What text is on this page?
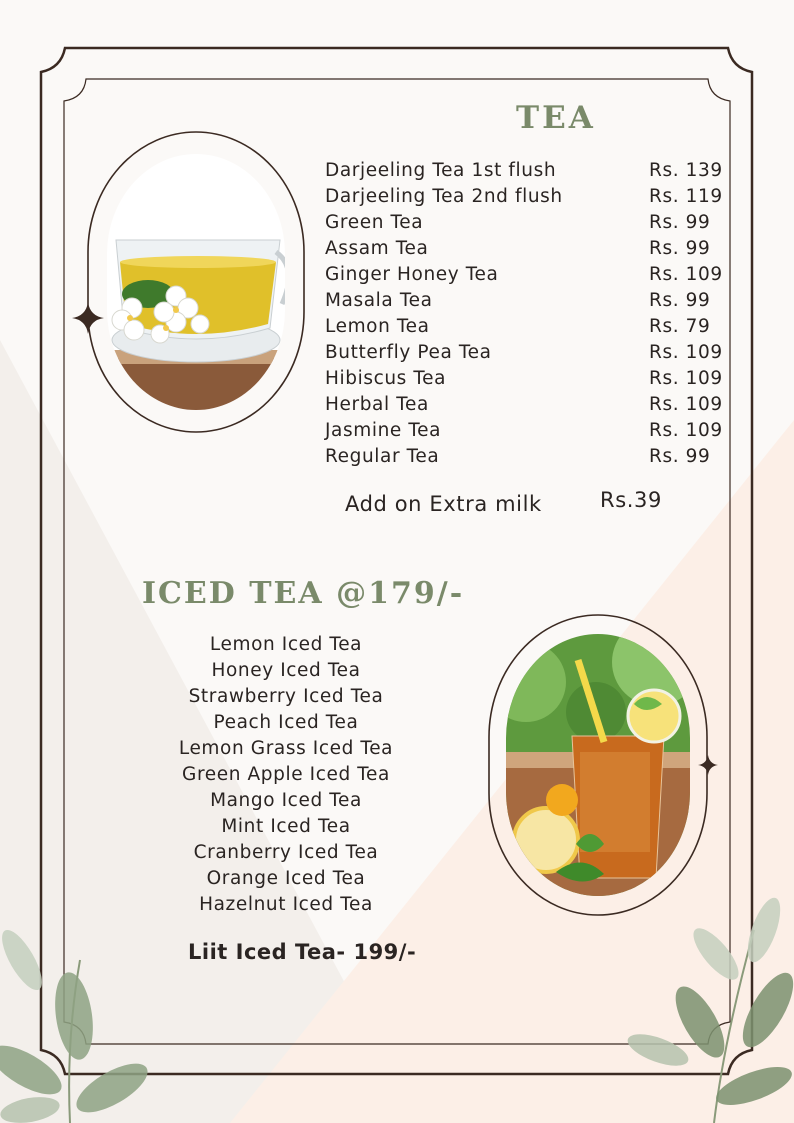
TEA
Darjeeling Tea 1st flush	Rs. 139
Darjeeling Tea 2nd flush	Rs. 119
Green Tea	Rs. 99
Assam Tea	Rs. 99
Ginger Honey Tea	Rs. 109
Masala Tea	Rs. 99
Lemon Tea	Rs. 79
Butterfly Pea Tea	Rs. 109
Hibiscus Tea	Rs. 109
Herbal Tea	Rs. 109
Jasmine Tea	Rs. 109
Regular Tea	Rs. 99
Add on Extra milk	Rs.39
ICED TEA @179/-
Lemon Iced Tea
Honey Iced Tea
Strawberry Iced Tea
Peach Iced Tea
Lemon Grass Iced Tea
Green Apple Iced Tea
Mango Iced Tea
Mint Iced Tea
Cranberry Iced Tea
Orange Iced Tea
Hazelnut Iced Tea
Liit Iced Tea- 199/-
